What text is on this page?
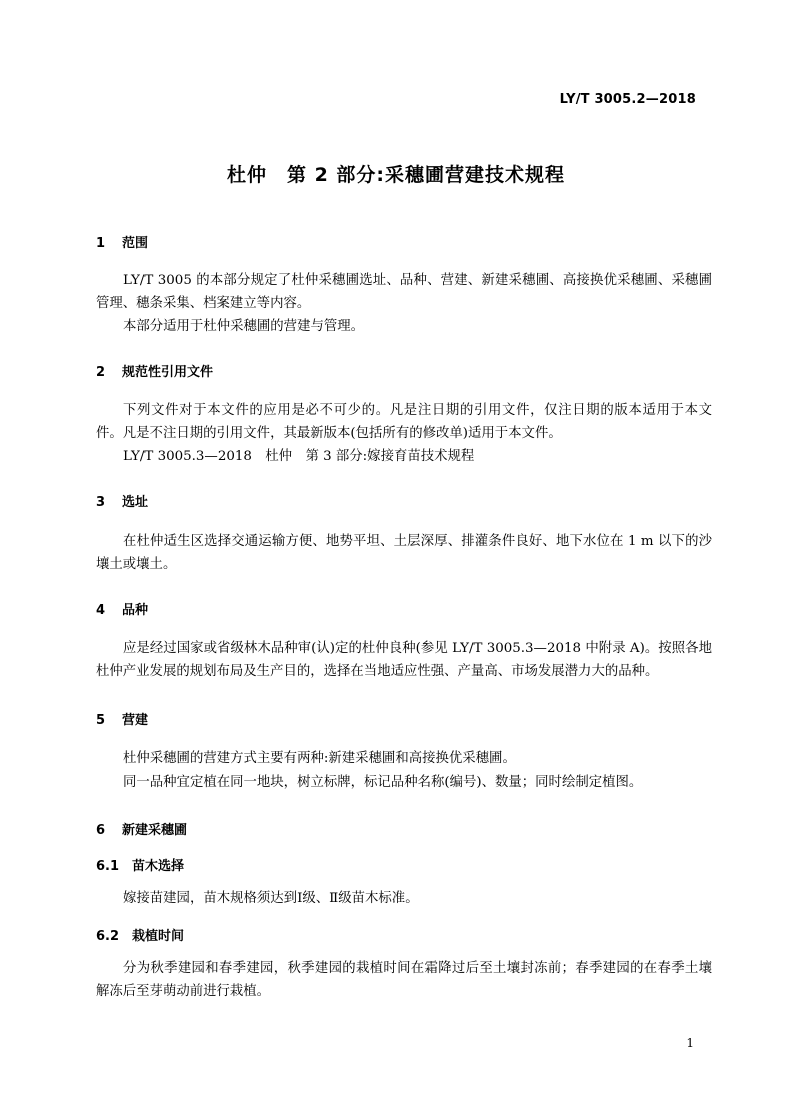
LY/T 3005.2—2018
杜仲　第 2 部分:采穗圃营建技术规程
1 范围

LY/T 3005 的本部分规定了杜仲采穗圃选址、品种、营建、新建采穗圃、高接换优采穗圃、采穗圃管理、穗条采集、档案建立等内容。

本部分适用于杜仲采穗圃的营建与管理。

2 规范性引用文件

下列文件对于本文件的应用是必不可少的。凡是注日期的引用文件，仅注日期的版本适用于本文件。凡是不注日期的引用文件，其最新版本(包括所有的修改单)适用于本文件。

LY/T 3005.3—2018　杜仲　第 3 部分:嫁接育苗技术规程

3 选址

在杜仲适生区选择交通运输方便、地势平坦、土层深厚、排灌条件良好、地下水位在 1 m 以下的沙壤土或壤土。

4 品种

应是经过国家或省级林木品种审(认)定的杜仲良种(参见 LY/T 3005.3—2018 中附录 A)。按照各地杜仲产业发展的规划布局及生产目的，选择在当地适应性强、产量高、市场发展潜力大的品种。

5 营建

杜仲采穗圃的营建方式主要有两种:新建采穗圃和高接换优采穗圃。

同一品种宜定植在同一地块，树立标牌，标记品种名称(编号)、数量；同时绘制定植图。

6 新建采穗圃
6.1 苗木选择

嫁接苗建园，苗木规格须达到Ⅰ级、Ⅱ级苗木标准。

6.2 栽植时间

分为秋季建园和春季建园，秋季建园的栽植时间在霜降过后至土壤封冻前；春季建园的在春季土壤解冻后至芽萌动前进行栽植。

1
